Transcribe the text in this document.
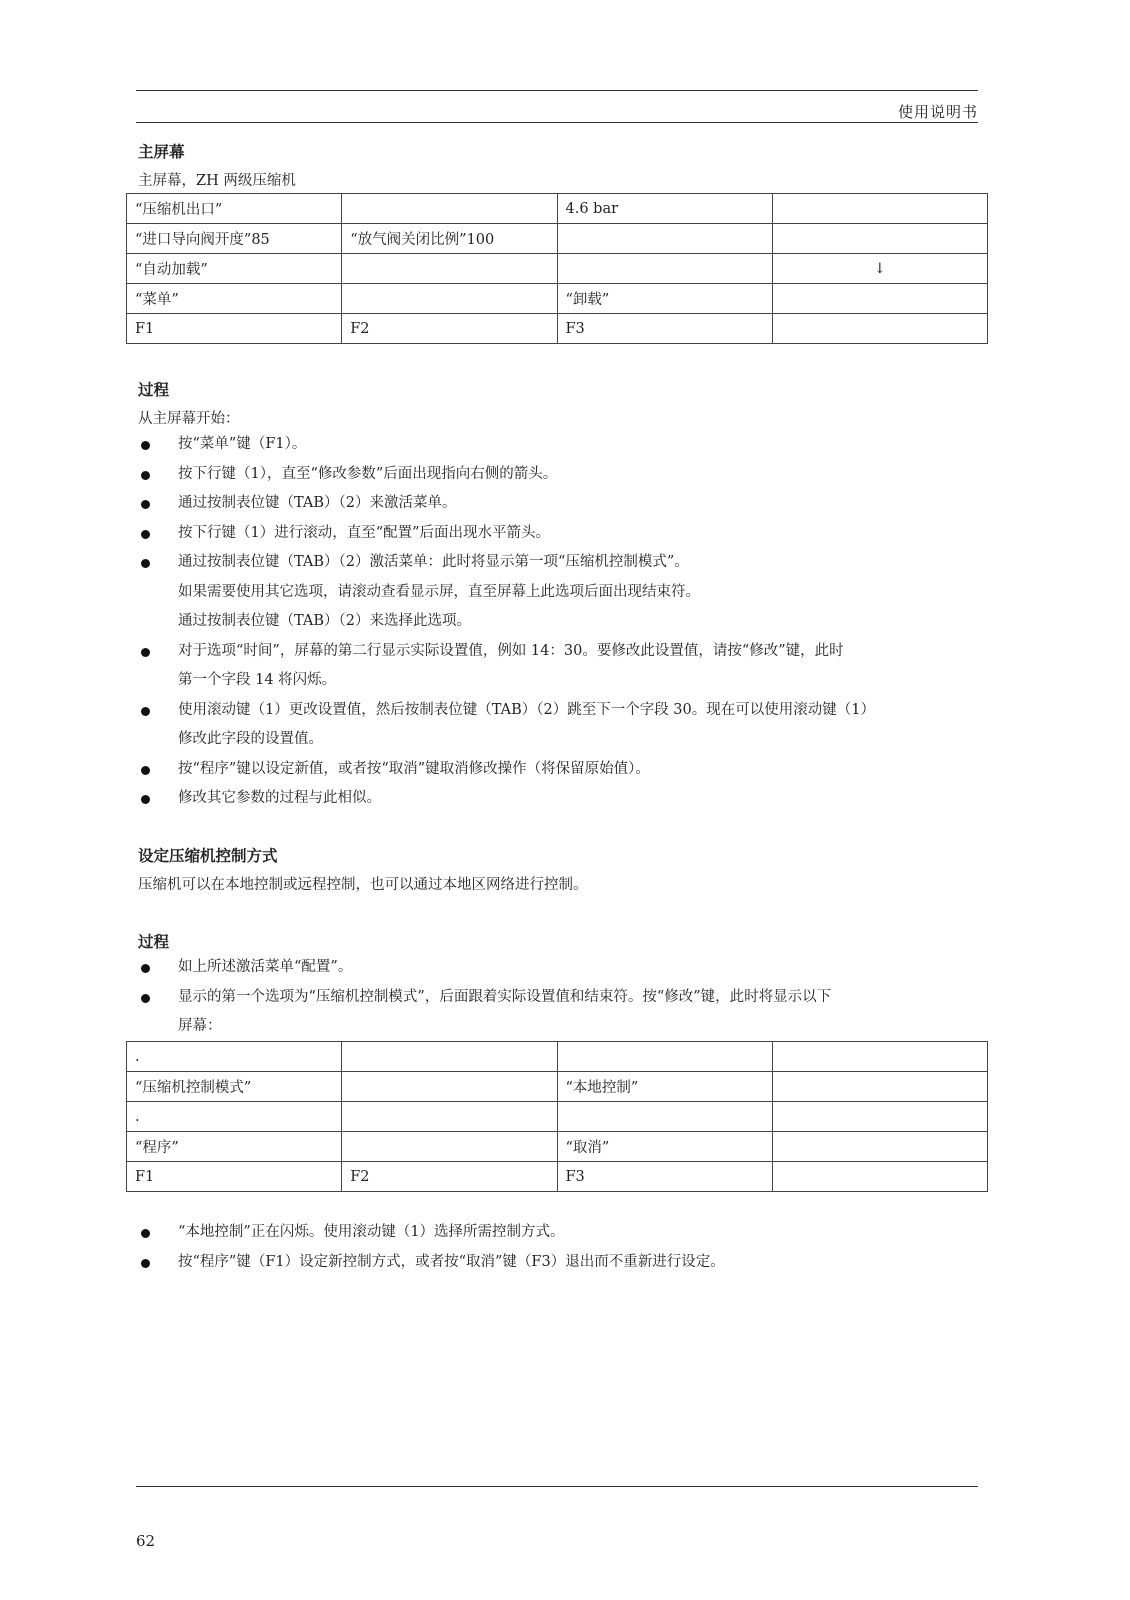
使用说明书

主屏幕

主屏幕，ZH 两级压缩机

“压缩机出口”		4.6 bar	
“进口导向阀开度”85	“放气阀关闭比例”100		
“自动加载”			↓
“菜单”		“卸载”	
F1	F2	F3	

过程

从主屏幕开始：

按“菜单”键（F1）。
按下行键（1），直至“修改参数”后面出现指向右侧的箭头。
通过按制表位键（TAB）（2）来激活菜单。
按下行键（1）进行滚动，直至“配置”后面出现水平箭头。
通过按制表位键（TAB）（2）激活菜单：此时将显示第一项“压缩机控制模式”。
如果需要使用其它选项，请滚动查看显示屏，直至屏幕上此选项后面出现结束符。
通过按制表位键（TAB）（2）来选择此选项。
对于选项“时间”，屏幕的第二行显示实际设置值，例如 14：30。要修改此设置值，请按“修改”键，此时
第一个字段 14 将闪烁。
使用滚动键（1）更改设置值，然后按制表位键（TAB）（2）跳至下一个字段 30。现在可以使用滚动键（1）
修改此字段的设置值。
按“程序”键以设定新值，或者按“取消”键取消修改操作（将保留原始值）。
修改其它参数的过程与此相似。

设定压缩机控制方式

压缩机可以在本地控制或远程控制，也可以通过本地区网络进行控制。

过程

如上所述激活菜单“配置”。
显示的第一个选项为“压缩机控制模式”，后面跟着实际设置值和结束符。按“修改”键，此时将显示以下
屏幕：
.			
“压缩机控制模式”		“本地控制”	
.			
“程序”		“取消”	
F1	F2	F3	
“本地控制”正在闪烁。使用滚动键（1）选择所需控制方式。
按“程序”键（F1）设定新控制方式，或者按“取消”键（F3）退出而不重新进行设定。
62
